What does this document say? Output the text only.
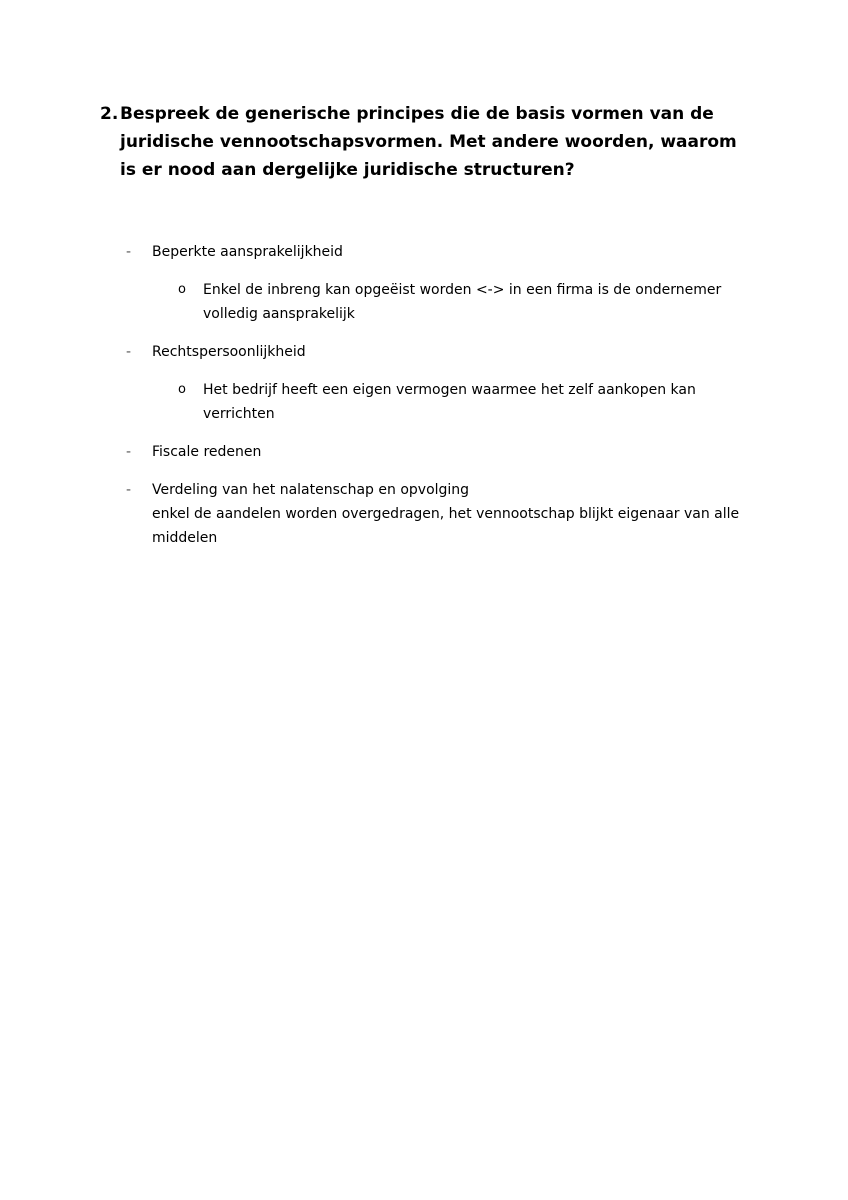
2. Bespreek de generische principes die de basis vormen van de juridische vennootschapsvormen. Met andere woorden, waarom is er nood aan dergelijke juridische structuren?
- Beperkte aansprakelijkheid
o Enkel de inbreng kan opgeëist worden <-> in een firma is de ondernemer volledig aansprakelijk
- Rechtspersoonlijkheid
o Het bedrijf heeft een eigen vermogen waarmee het zelf aankopen kan verrichten
- Fiscale redenen
- Verdeling van het nalatenschap en opvolging
enkel de aandelen worden overgedragen, het vennootschap blijkt eigenaar van alle middelen
